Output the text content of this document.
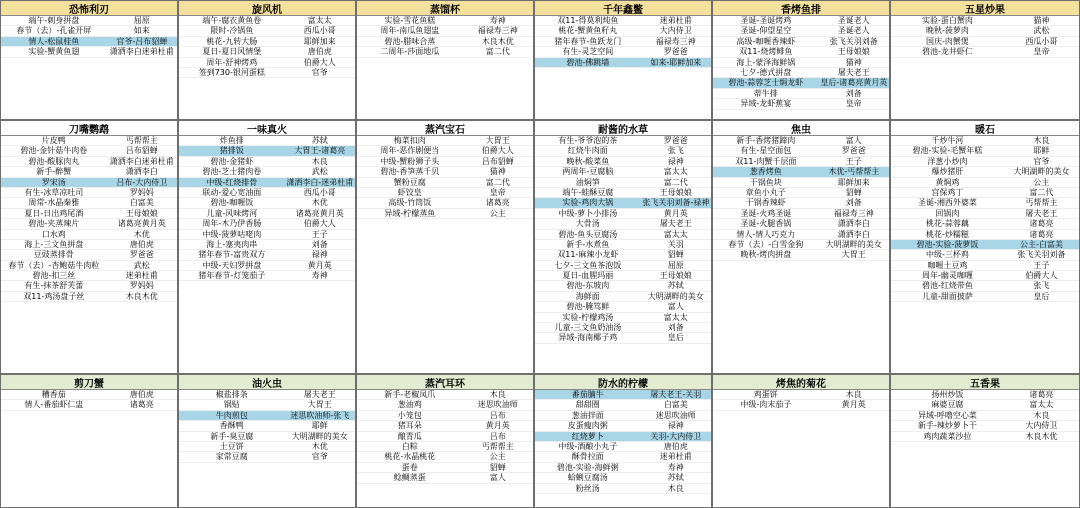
恐怖利刃
端午-刺身拼盘	屈原
春节（去）-孔雀开屏	如来
情人-松鼠桂鱼	官爷-吕布貂蝉
实验-蟹黄鱼翅	潇洒李白迷弟杜甫
旋风机
端午-腐衣黄鱼卷	富太太
限时-冷锅鱼	西瓜小哥
桃花-九转大肠	耶鲜加来
夏日-夏日风情堡	唐伯虎
周年-舒神烤鸡	伯爵大人
签到730-银河蛋糕	官爷
蒸馏杯
实验-雪花鱼糕	寿神
周年-南瓜鱼翅盅	福禄寿三神
碧池-腊味合蒸	木良木优
二周年-莎面地瓜	富二代
千年鑫鳖
双11-得莫利炖鱼	迷弟杜甫
桃花-蟹黄鱼籽丸	大内侍卫
猪年春节-鱼跃龙门	福禄寿三神
有生-灵芝空间	罗爸爸
碧池-佛跳墙	如来-耶鲜加来
香烤鱼排
圣诞-圣诞烤鸡	圣诞老人
圣诞-仰望星空	圣诞老人
高级-咖喱香辣虾	张飞关羽刘备
双11-烧烤鲱鱼	王母娘娘
海上-蒙泽海鲜锅	猫神
七夕-德式拼盘	屠夫老王
碧池-蒜蓉芝士焗龙虾	皇后-诸葛亮黄月英
蒂牛排	刘备
异域-龙虾蕉宴	皇帝
五星炒果
实验-蛋白蟹肉	猫神
晚秋-菠萝肉	武松
国庆-肉蟹煲	西瓜小哥
碧池-龙井虾仁	皇帝
刀嘴鹦鹉
片皮鸭	丐帮帮主
碧池-金针菇牛肉卷	吕布貂蝉
碧池-酸豚肉丸	潇洒李白迷弟杜甫
新手-醉蟹	潇洒李白
罗宋汤	吕布-大内侍卫
有生-冰草凉吐司	罗妈妈
周常-水晶秦雅	白富美
夏日-日出鸡尾酒	王母娘娘
碧池-夹蒸辣片	诸葛亮黄月英
口水鸡	木优
海上-三文鱼拼盘	唐伯虎
豆豉蒸排骨	罗爸爸
春节（去）-杏鲍菇牛肉粒	武松
碧池-扣三丝	迷弟杜甫
有生-抹茶舒芙蕾	罗妈妈
双11-鸡汤盘子丝	木良木优
一味真火
炸鱼排	苏轼
猪排饭	大胃王-诸葛亮
碧池-金猪虾	木良
碧池-芝士猪肉卷	武松
中级-红烧排骨	潇洒李白-迷弟杜甫
联动-爱心宽油面	西瓜小哥
碧池-咖喱饭	木优
儿童-风味烤河	诸葛亮黄月英
周年-木乃伊香肠	伯爵大人
中级-菠萝咕咾肉	王子
海上-塞夷肉串	刘备
猪年春节-富贵双方	禄神
中级-天妇罗拼盘	黄月英
猪年春节-灯笼茄子	寿神
蒸汽宝石
梅菜扣肉	大胃王
周年-恶作剧便当	伯爵大人
中级-蟹粉狮子头	吕布貂蝉
碧池-香笋蒸千贝	猫神
蟹粉豆腐	富二代
虾饺皇	皇帝
高级-竹筒饭	诸葛亮
异域-柠檬蒸鱼	公主
耐酱的水草
有生-爷爷泡的茶	罗爸爸
红烧牛肉面	张飞
晚秋-酸菜鱼	禄神
两周年-豆腐脑	富太太
油焖笋	富二代
端午-蛙酥豆腐	王母娘娘
实验-鸡肉大锅	张飞关羽刘备-禄神
中级-萝卜小排汤	黄月英
大骨汤	屠夫老王
碧池-鱼头豆腐汤	富太太
新手-水煮鱼	关羽
双11-麻辣小龙虾	貂蝉
七夕-三文鱼茶泡饭	屈原
夏日-血腥玛丽	王母娘娘
碧池-东坡肉	苏轼
海鲜面	大明湖畔的美女
碧池-腌笃鲜	富人
实验-柠檬鸡汤	富太太
儿童-三文鱼奶油汤	刘备
异域-海南椰子鸡	皇后
焦虫
新手-香烤猪蹄肉	富人
有生-星空面包	罗爸爸
双11-肉蟹千层面	王子
葱香烤鱼	木优-丐帮帮主
干锅鱼块	耶鲜加来
章鱼小丸子	貂蝉
干锅香辣虾	刘备
圣诞-火鸡圣诞	福禄寿三神
圣诞-火腿香锅	潇洒李白
情人-情人巧克力	潇洒李白
春节（去）-白雪金狗	大明湖畔的美女
晚秋-烤肉拼盘	大胃王
暖石
千炒牛河	木良
碧池-实验-毛蟹年糕	耶鲜
洋葱小炒肉	官爷
爆炒猪肝	大明湖畔的美女
黄焖鸡	公主
宫保鸡丁	富二代
圣诞-湘西外婆菜	丐帮帮主
回锅肉	屠夫老王
桃花-蒜蓉藕	诸葛亮
桃花-炒糯糍	诸葛亮
碧池-实验-菠萝饭	公主-白富美
中级-三杯鸡	张飞关羽刘备
咖喱土豆鸡	王子
周年-幽灵咖喱	伯爵大人
碧池-红烧带鱼	张飞
儿童-甜面披萨	皇后
剪刀蟹
糟香茄	唐伯虎
情人-番茄虾仁盅	诸葛亮
油火虫
椒盐排条	屠夫老王
锅贴	大胃王
牛肉煎包	迷思吹油师-张飞
香酥鸭	耶鲜
新手-臭豆腐	大明湖畔的美女
土豆饼	木优
家常豆腐	官爷
蒸汽耳环
新手-老椒凤爪	木良
葱油鸡	迷思吹油师
小笼包	吕布
猪耳朵	黄月英
酿青瓜	吕布
白粽	丐帮帮主
桃花-水晶桃花	公主
蛋卷	貂蝉
鲶鲷蒸蛋	富人
防水的柠檬
番茄腩牛	屠夫老王-关羽
甜甜圈	白富美
葱油拌面	迷思吹油师
皮蛋瘦肉粥	禄神
红烧萝卜	关羽-大内侍卫
中级-酒酿小丸子	唐伯虎
酥骨拉面	迷弟杜甫
碧池-实验-海鲜粥	寿神
蛤蜊豆腐汤	苏轼
粉丝汤	木良
烤焦的菊花
鸡蛋饼	木良
中级-肉末茄子	黄月英
五香果
扬州炒饭	诸葛亮
麻婆豆腐	富太太
异域-呼噜空心菜	木良
新手-辣炒萝卜干	大内侍卫
鸡肉蔬菜沙拉	木良木优
